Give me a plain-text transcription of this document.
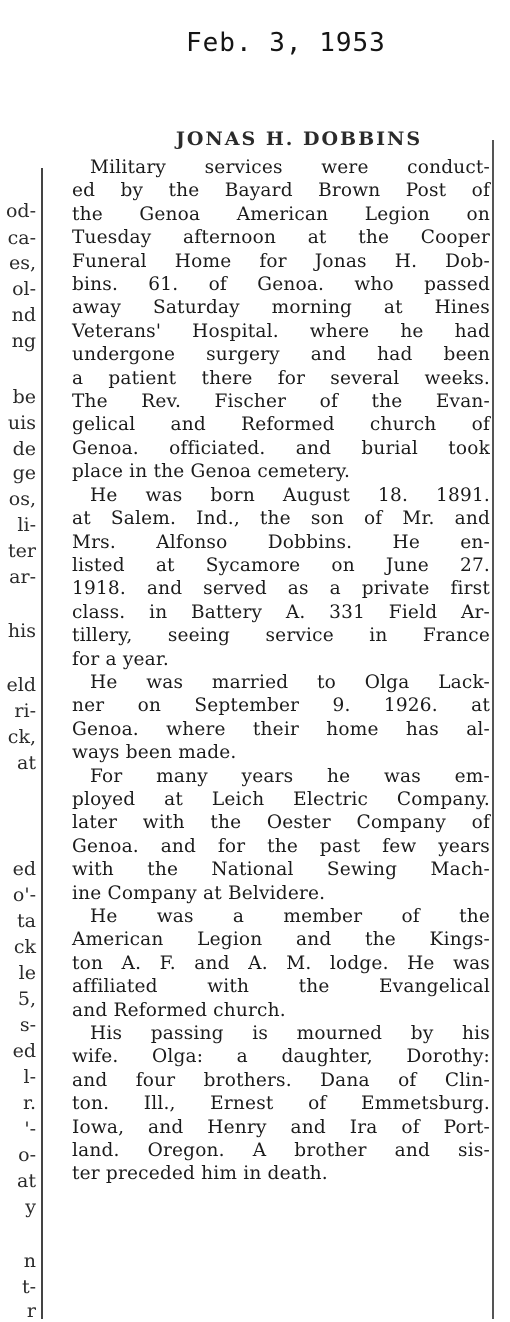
Feb. 3, 1953
od-
ca-
es,
ol-
nd
ng
be
uis
de
ge
os,
li-
ter
ar-
his
eld
ri-
ck,
at
ed
o'-
ta
ck
le
5,
s-
ed
l-
r.
'-
o-
at
y
n
t-
r
JONAS H. DOBBINS
Military services were conduct-
ed by the Bayard Brown Post of
the Genoa American Legion on
Tuesday afternoon at the Cooper
Funeral Home for Jonas H. Dob-
bins. 61. of Genoa. who passed
away Saturday morning at Hines
Veterans' Hospital. where he had
undergone surgery and had been
a patient there for several weeks.
The Rev. Fischer of the Evan-
gelical and Reformed church of
Genoa. officiated. and burial took
place in the Genoa cemetery.
He was born August 18. 1891.
at Salem. Ind., the son of Mr. and
Mrs. Alfonso Dobbins. He en-
listed at Sycamore on June 27.
1918. and served as a private first
class. in Battery A. 331 Field Ar-
tillery, seeing service in France
for a year.
He was married to Olga Lack-
ner on September 9. 1926. at
Genoa. where their home has al-
ways been made.
For many years he was em-
ployed at Leich Electric Company.
later with the Oester Company of
Genoa. and for the past few years
with the National Sewing Mach-
ine Company at Belvidere.
He was a member of the
American Legion and the Kings-
ton A. F. and A. M. lodge. He was
affiliated with the Evangelical
and Reformed church.
His passing is mourned by his
wife. Olga: a daughter, Dorothy:
and four brothers. Dana of Clin-
ton. Ill., Ernest of Emmetsburg.
Iowa, and Henry and Ira of Port-
land. Oregon. A brother and sis-
ter preceded him in death.
